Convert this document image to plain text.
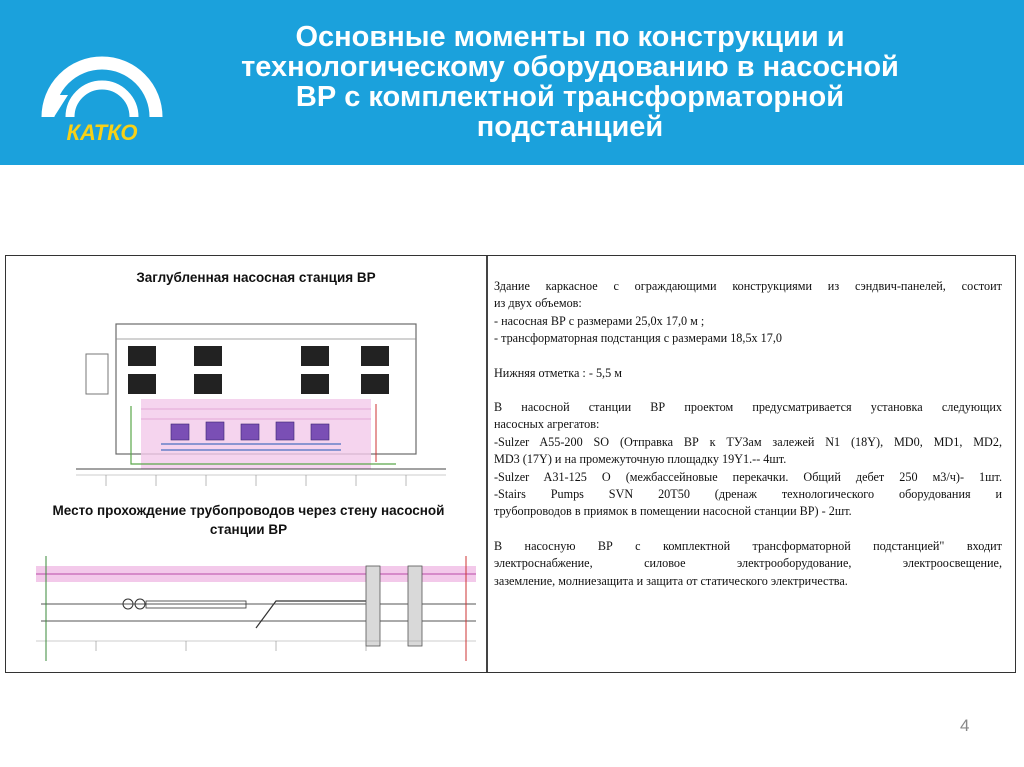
КАТКО
Основные моменты по конструкции и
технологическому оборудованию в насосной
ВР с комплектной трансформаторной
подстанцией
Заглубленная насосная станция ВР
Место прохождение трубопроводов через стену насосной
станции ВР

Здание каркасное с ограждающими конструкциями из сэндвич-панелей, состоит

из двух объемов:

- насосная ВР с размерами 25,0х 17,0 м ;

- трансформаторная подстанция с размерами 18,5х 17,0

Нижняя отметка : - 5,5 м

В насосной станции ВР проектом предусматривается установка следующих

насосных агрегатов:

-Sulzer A55-200 SO (Отправка ВР к ТУЗам залежей N1 (18Y), MD0, MD1, MD2,

MD3 (17Y) и на промежуточную площадку 19Y1.-- 4шт.

-Sulzer A31-125 O (межбассейновые перекачки. Общий дебет 250 м3/ч)- 1шт.

-Stairs Pumps SVN 20T50 (дренаж технологического оборудования и

трубопроводов в приямок в помещении насосной станции ВР) - 2шт.

В насосную ВР с комплектной трансформаторной подстанцией" входит

электроснабжение, силовое электрооборудование, электроосвещение,

заземление, молниезащита и защита от статического электричества.

4
